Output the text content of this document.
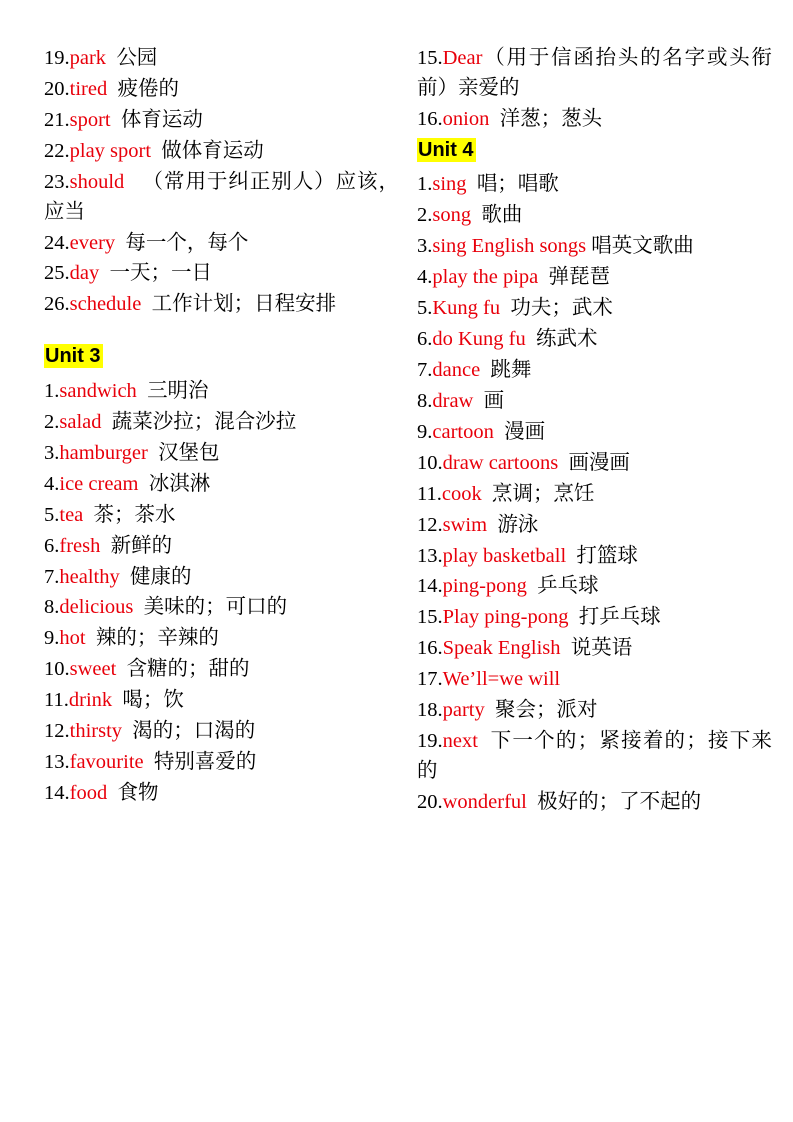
19.park 公园

20.tired 疲倦的

21.sport 体育运动

22.play sport 做体育运动

23.should （常用于纠正别人）应该，应当

24.every 每一个，每个

25.day 一天；一日

26.schedule 工作计划；日程安排

Unit 3

1.sandwich 三明治

2.salad 蔬菜沙拉；混合沙拉

3.hamburger 汉堡包

4.ice cream 冰淇淋

5.tea 茶；茶水

6.fresh 新鲜的

7.healthy 健康的

8.delicious 美味的；可口的

9.hot 辣的；辛辣的

10.sweet 含糖的；甜的

11.drink 喝；饮

12.thirsty 渴的；口渴的

13.favourite 特别喜爱的

14.food 食物

15.Dear（用于信函抬头的名字或头衔前）亲爱的

16.onion 洋葱；葱头

Unit 4

1.sing 唱；唱歌

2.song 歌曲

3.sing English songs 唱英文歌曲

4.play the pipa 弹琵琶

5.Kung fu 功夫；武术

6.do Kung fu 练武术

7.dance 跳舞

8.draw 画

9.cartoon 漫画

10.draw cartoons 画漫画

11.cook 烹调；烹饪

12.swim 游泳

13.play basketball 打篮球

14.ping-pong 乒乓球

15.Play ping-pong 打乒乓球

16.Speak English 说英语

17.We’ll=we will

18.party 聚会；派对

19.next 下一个的；紧接着的；接下来的

20.wonderful 极好的；了不起的
